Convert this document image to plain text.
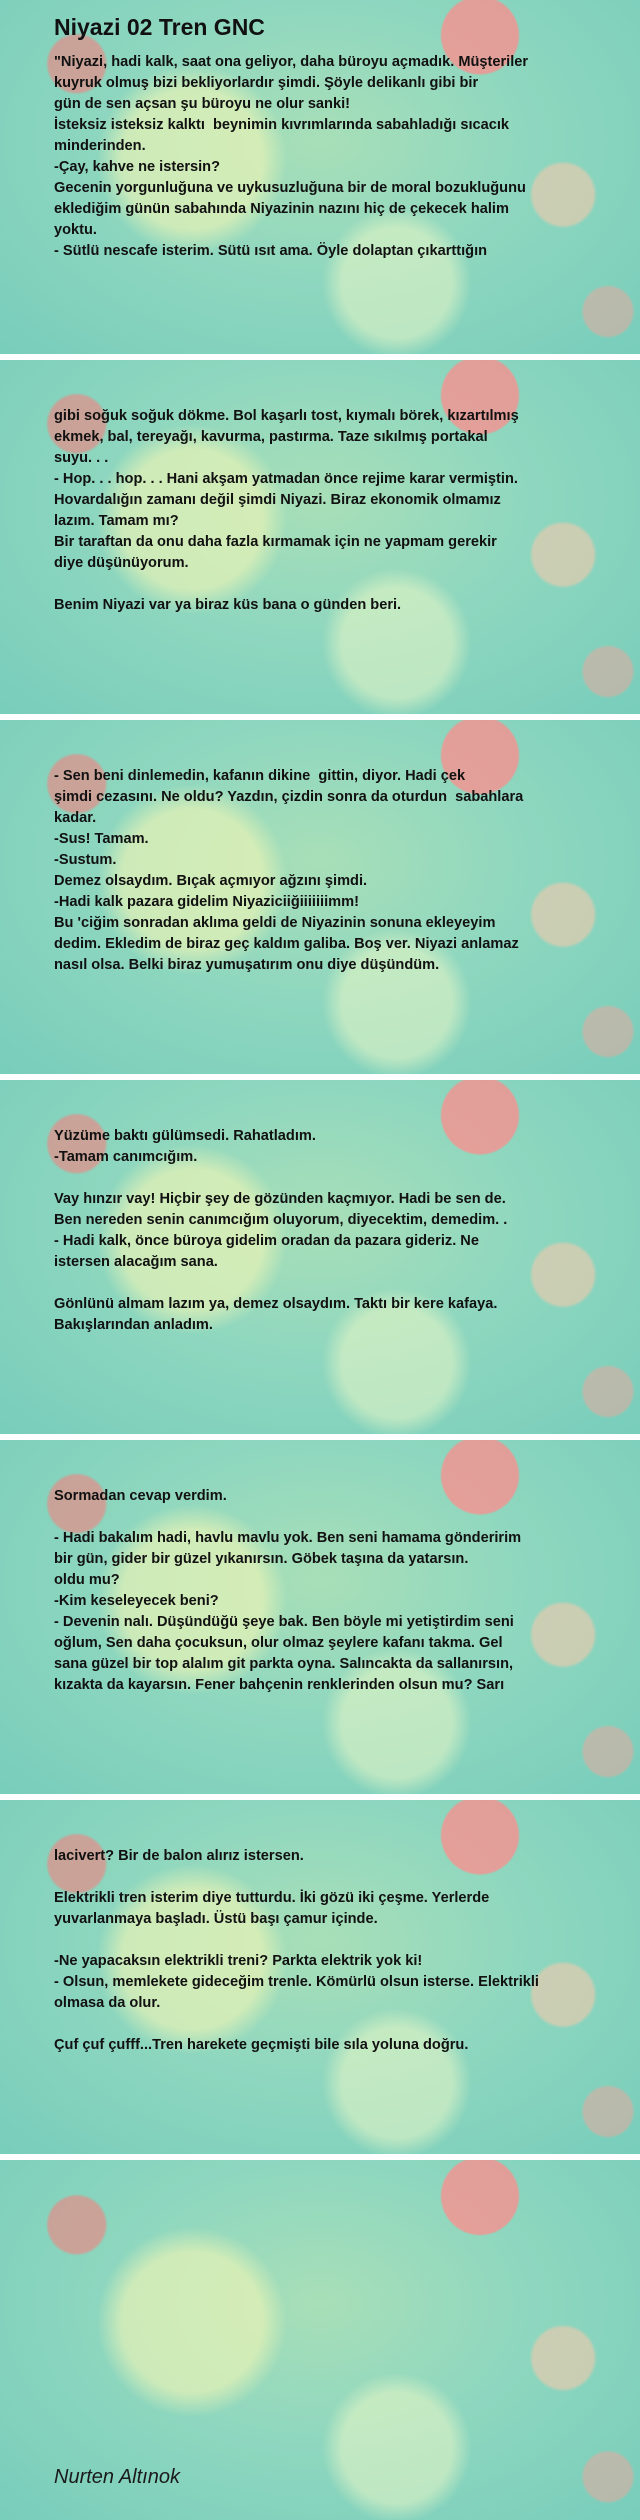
Niyazi 02 Tren GNC
"Niyazi, hadi kalk, saat ona geliyor, daha büroyu açmadık. Müşteriler
kuyruk olmuş bizi bekliyorlardır şimdi. Şöyle delikanlı gibi bir
gün de sen açsan şu büroyu ne olur sanki!
İsteksiz isteksiz kalktı  beynimin kıvrımlarında sabahladığı sıcacık
minderinden.
-Çay, kahve ne istersin?
Gecenin yorgunluğuna ve uykusuzluğuna bir de moral bozukluğunu
eklediğim günün sabahında Niyazinin nazını hiç de çekecek halim
yoktu.
- Sütlü nescafe isterim. Sütü ısıt ama. Öyle dolaptan çıkarttığın
gibi soğuk soğuk dökme. Bol kaşarlı tost, kıymalı börek, kızartılmış
ekmek, bal, tereyağı, kavurma, pastırma. Taze sıkılmış portakal
suyu. . .
- Hop. . . hop. . . Hani akşam yatmadan önce rejime karar vermiştin.
Hovardalığın zamanı değil şimdi Niyazi. Biraz ekonomik olmamız
lazım. Tamam mı?
Bir taraftan da onu daha fazla kırmamak için ne yapmam gerekir
diye düşünüyorum.

Benim Niyazi var ya biraz küs bana o günden beri.
- Sen beni dinlemedin, kafanın dikine  gittin, diyor. Hadi çek
şimdi cezasını. Ne oldu? Yazdın, çizdin sonra da oturdun  sabahlara
kadar.
-Sus! Tamam.
-Sustum.
Demez olsaydım. Bıçak açmıyor ağzını şimdi.
-Hadi kalk pazara gidelim Niyaziciiğiiiiiiimm!
Bu 'ciğim sonradan aklıma geldi de Niyazinin sonuna ekleyeyim
dedim. Ekledim de biraz geç kaldım galiba. Boş ver. Niyazi anlamaz
nasıl olsa. Belki biraz yumuşatırım onu diye düşündüm.
Yüzüme baktı gülümsedi. Rahatladım.
-Tamam canımcığım.

Vay hınzır vay! Hiçbir şey de gözünden kaçmıyor. Hadi be sen de.
Ben nereden senin canımcığım oluyorum, diyecektim, demedim. .
- Hadi kalk, önce büroya gidelim oradan da pazara gideriz. Ne
istersen alacağım sana.

Gönlünü almam lazım ya, demez olsaydım. Taktı bir kere kafaya.
Bakışlarından anladım.
Sormadan cevap verdim.

- Hadi bakalım hadi, havlu mavlu yok. Ben seni hamama gönderirim
bir gün, gider bir güzel yıkanırsın. Göbek taşına da yatarsın.
oldu mu?
-Kim keseleyecek beni?
- Devenin nalı. Düşündüğü şeye bak. Ben böyle mi yetiştirdim seni
oğlum, Sen daha çocuksun, olur olmaz şeylere kafanı takma. Gel
sana güzel bir top alalım git parkta oyna. Salıncakta da sallanırsın,
kızakta da kayarsın. Fener bahçenin renklerinden olsun mu? Sarı
lacivert? Bir de balon alırız istersen.

Elektrikli tren isterim diye tutturdu. İki gözü iki çeşme. Yerlerde
yuvarlanmaya başladı. Üstü başı çamur içinde.

-Ne yapacaksın elektrikli treni? Parkta elektrik yok ki!
- Olsun, memlekete gideceğim trenle. Kömürlü olsun isterse. Elektrikli
olmasa da olur.

Çuf çuf çufff...Tren harekete geçmişti bile sıla yoluna doğru.
Nurten Altınok
